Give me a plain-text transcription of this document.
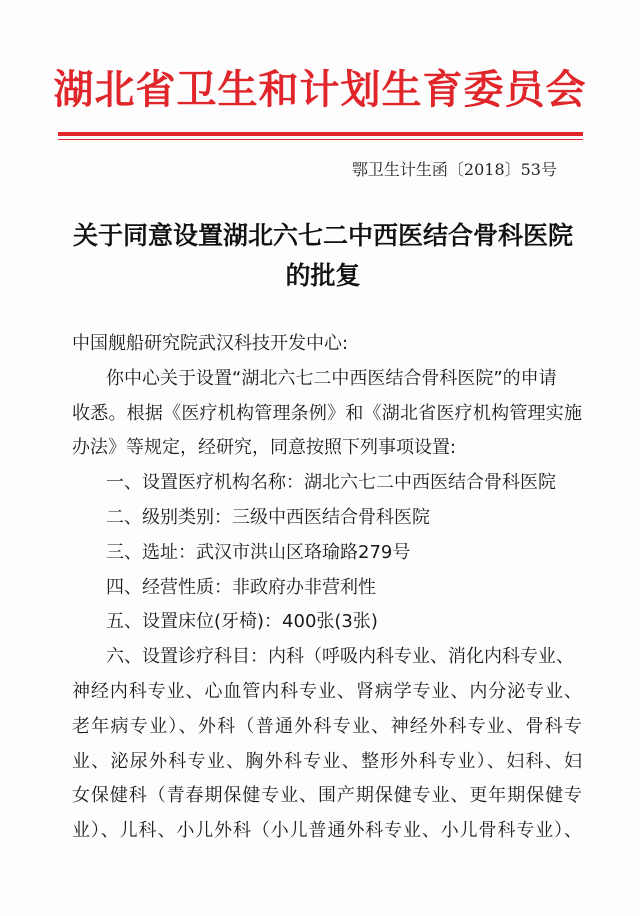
湖北省卫生和计划生育委员会
鄂卫生计生函〔2018〕53号
关于同意设置湖北六七二中西医结合骨科医院
的批复
中国舰船研究院武汉科技开发中心:
你中心关于设置“湖北六七二中西医结合骨科医院”的申请
收悉。根据《医疗机构管理条例》和《湖北省医疗机构管理实施
办法》等规定，经研究，同意按照下列事项设置:
一、设置医疗机构名称：湖北六七二中西医结合骨科医院
二、级别类别：三级中西医结合骨科医院
三、选址：武汉市洪山区珞瑜路279号
四、经营性质：非政府办非营利性
五、设置床位(牙椅)：400张(3张)
六、设置诊疗科目：内科（呼吸内科专业、消化内科专业、
神经内科专业、心血管内科专业、肾病学专业、内分泌专业、
老年病专业）、外科（普通外科专业、神经外科专业、骨科专
业、泌尿外科专业、胸外科专业、整形外科专业）、妇科、妇
女保健科（青春期保健专业、围产期保健专业、更年期保健专
业）、儿科、小儿外科（小儿普通外科专业、小儿骨科专业）、
